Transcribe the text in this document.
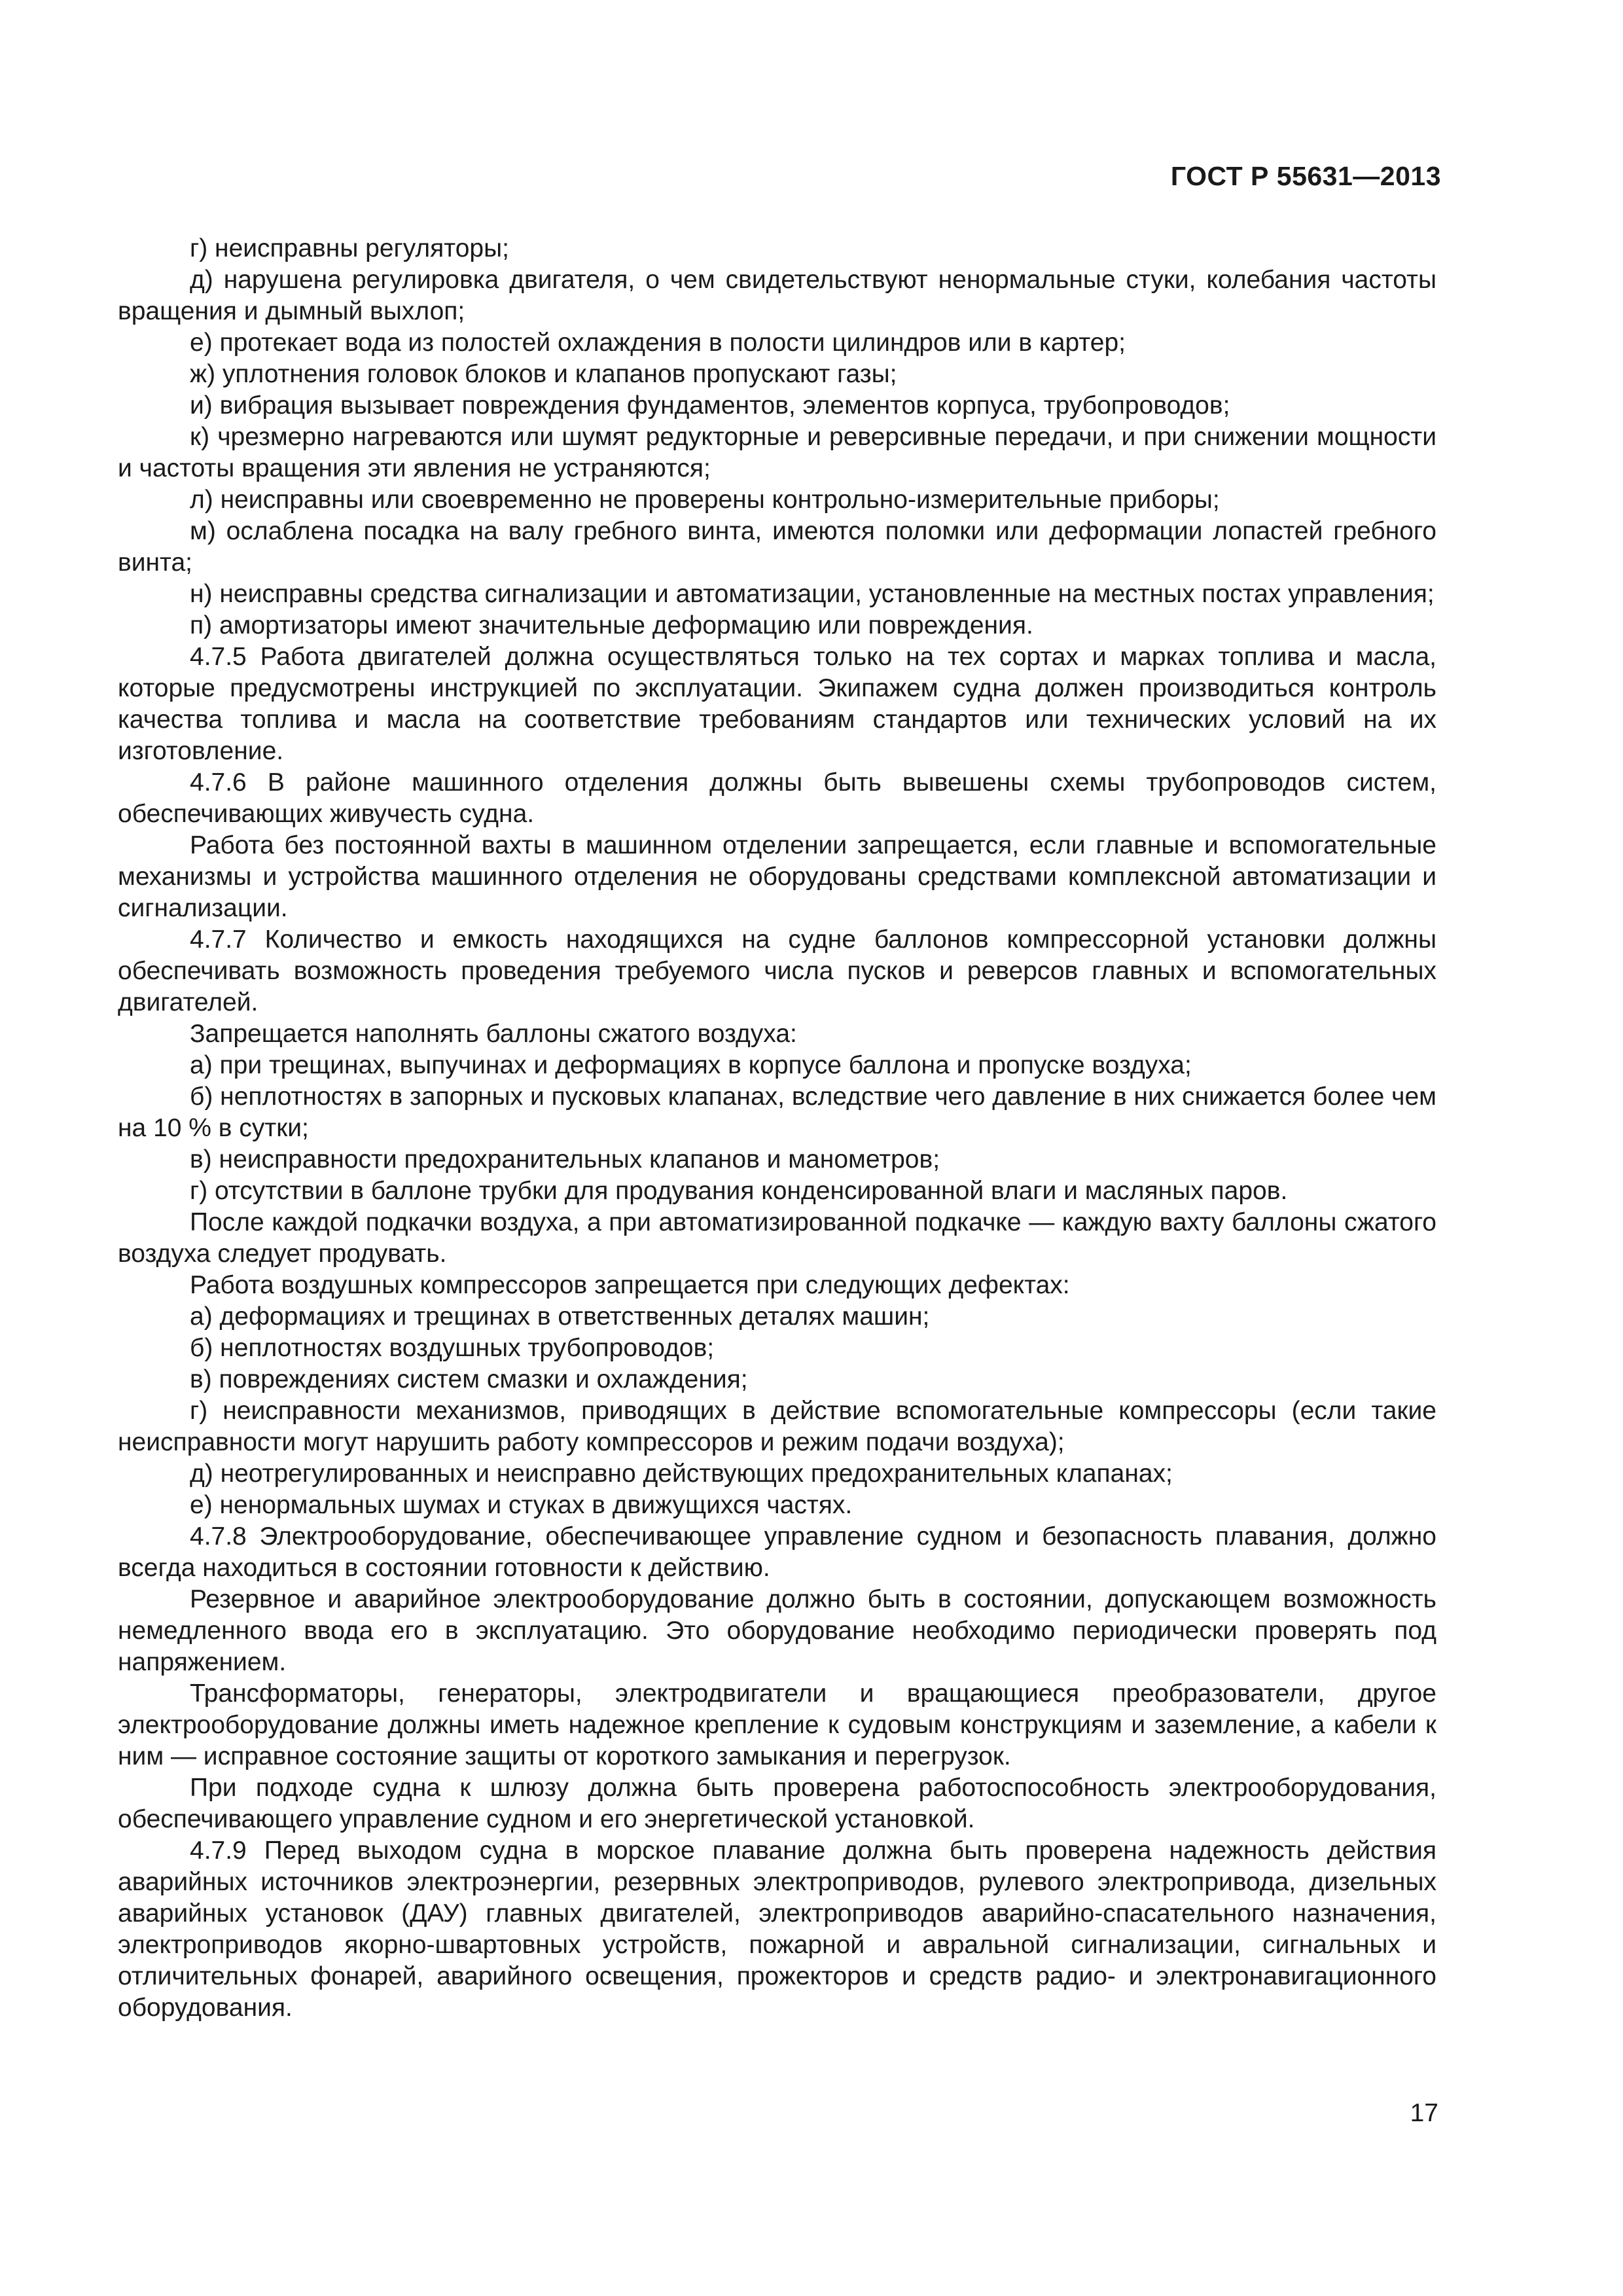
ГОСТ Р 55631—2013

г) неисправны регуляторы;

д) нарушена регулировка двигателя, о чем свидетельствуют ненормальные стуки, колебания частоты вращения и дымный выхлоп;

е) протекает вода из полостей охлаждения в полости цилиндров или в картер;

ж) уплотнения головок блоков и клапанов пропускают газы;

и) вибрация вызывает повреждения фундаментов, элементов корпуса, трубопроводов;

к) чрезмерно нагреваются или шумят редукторные и реверсивные передачи, и при снижении мощности и частоты вращения эти явления не устраняются;

л) неисправны или своевременно не проверены контрольно-измерительные приборы;

м) ослаблена посадка на валу гребного винта, имеются поломки или деформации лопастей гребного винта;

н) неисправны средства сигнализации и автоматизации, установленные на местных постах управления;

п) амортизаторы имеют значительные деформацию или повреждения.

4.7.5 Работа двигателей должна осуществляться только на тех сортах и марках топлива и масла, которые предусмотрены инструкцией по эксплуатации. Экипажем судна должен производиться контроль качества топлива и масла на соответствие требованиям стандартов или технических условий на их изготовление.

4.7.6 В районе машинного отделения должны быть вывешены схемы трубопроводов систем, обеспечивающих живучесть судна.

Работа без постоянной вахты в машинном отделении запрещается, если главные и вспомогательные механизмы и устройства машинного отделения не оборудованы средствами комплексной автоматизации и сигнализации.

4.7.7 Количество и емкость находящихся на судне баллонов компрессорной установки должны обеспечивать возможность проведения требуемого числа пусков и реверсов главных и вспомогательных двигателей.

Запрещается наполнять баллоны сжатого воздуха:

а) при трещинах, выпучинах и деформациях в корпусе баллона и пропуске воздуха;

б) неплотностях в запорных и пусковых клапанах, вследствие чего давление в них снижается более чем на 10 % в сутки;

в) неисправности предохранительных клапанов и манометров;

г) отсутствии в баллоне трубки для продувания конденсированной влаги и масляных паров.

После каждой подкачки воздуха, а при автоматизированной подкачке — каждую вахту баллоны сжатого воздуха следует продувать.

Работа воздушных компрессоров запрещается при следующих дефектах:

а) деформациях и трещинах в ответственных деталях машин;

б) неплотностях воздушных трубопроводов;

в) повреждениях систем смазки и охлаждения;

г) неисправности механизмов, приводящих в действие вспомогательные компрессоры (если такие неисправности могут нарушить работу компрессоров и режим подачи воздуха);

д) неотрегулированных и неисправно действующих предохранительных клапанах;

е) ненормальных шумах и стуках в движущихся частях.

4.7.8 Электрооборудование, обеспечивающее управление судном и безопасность плавания, должно всегда находиться в состоянии готовности к действию.

Резервное и аварийное электрооборудование должно быть в состоянии, допускающем возможность немедленного ввода его в эксплуатацию. Это оборудование необходимо периодически проверять под напряжением.

Трансформаторы, генераторы, электродвигатели и вращающиеся преобразователи, другое электрооборудование должны иметь надежное крепление к судовым конструкциям и заземление, а кабели к ним — исправное состояние защиты от короткого замыкания и перегрузок.

При подходе судна к шлюзу должна быть проверена работоспособность электрооборудования, обеспечивающего управление судном и его энергетической установкой.

4.7.9 Перед выходом судна в морское плавание должна быть проверена надежность действия аварийных источников электроэнергии, резервных электроприводов, рулевого электропривода, дизельных аварийных установок (ДАУ) главных двигателей, электроприводов аварийно-спасательного назначения, электроприводов якорно-швартовных устройств, пожарной и авральной сигнализации, сигнальных и отличительных фонарей, аварийного освещения, прожекторов и средств радио- и электронавигационного оборудования.

17
